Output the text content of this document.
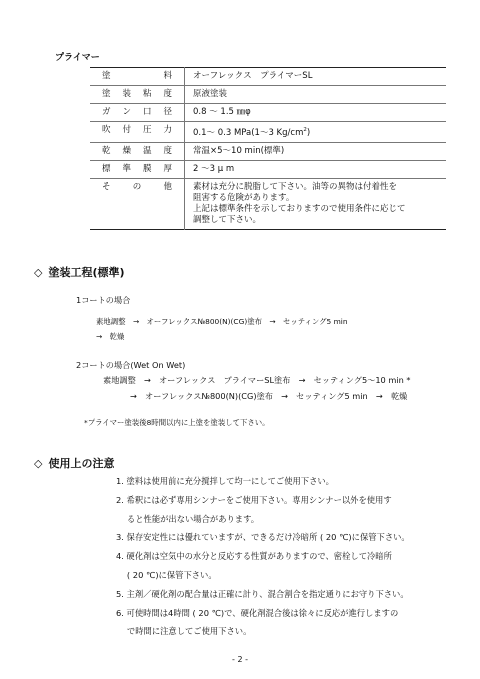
プライマー
塗　　料	オーフレックス　プライマーSL
塗装粘度	原液塗装
ガン口径	0.8 ～ 1.5 ㎜φ
吹付圧力	0.1～ 0.3 MPa(1～3 $Kg/cm^2$)
乾燥温度	常温×5～10 min(標準)
標準膜厚	2 ～3 μ m
そ の 他	素材は充分に脱脂して下さい。油等の異物は付着性を
阻害する危険があります。
上記は標準条件を示しておりますので使用条件に応じて
調整して下さい。
◇ 塗装工程(標準)
1コートの場合
素地調整　→　オーフレックス№800(N)(CG)塗布　→　セッティング5 min
→　乾燥
2コートの場合(Wet On Wet)
素地調整　→　オーフレックス　プライマーSL塗布　→　セッティング5～10 min *
→　オーフレックス№800(N)(CG)塗布　→　セッティング5 min　→　乾燥
*プライマー塗装後8時間以内に上塗を塗装して下さい。
◇ 使用上の注意
1. 塗料は使用前に充分撹拌して均一にしてご使用下さい。
2. 希釈には必ず専用シンナーをご使用下さい。専用シンナー以外を使用す
　 ると性能が出ない場合があります。
3. 保存安定性には優れていますが、できるだけ冷暗所 ( 20 ℃)に保管下さい。
4. 硬化剤は空気中の水分と反応する性質がありますので、密栓して冷暗所
　 ( 20 ℃)に保管下さい。
5. 主剤／硬化剤の配合量は正確に計り、混合割合を指定通りにお守り下さい。
6. 可使時間は4時間 ( 20 ℃)で、硬化剤混合後は徐々に反応が進行しますの
　 で時間に注意してご使用下さい。
- 2 -
